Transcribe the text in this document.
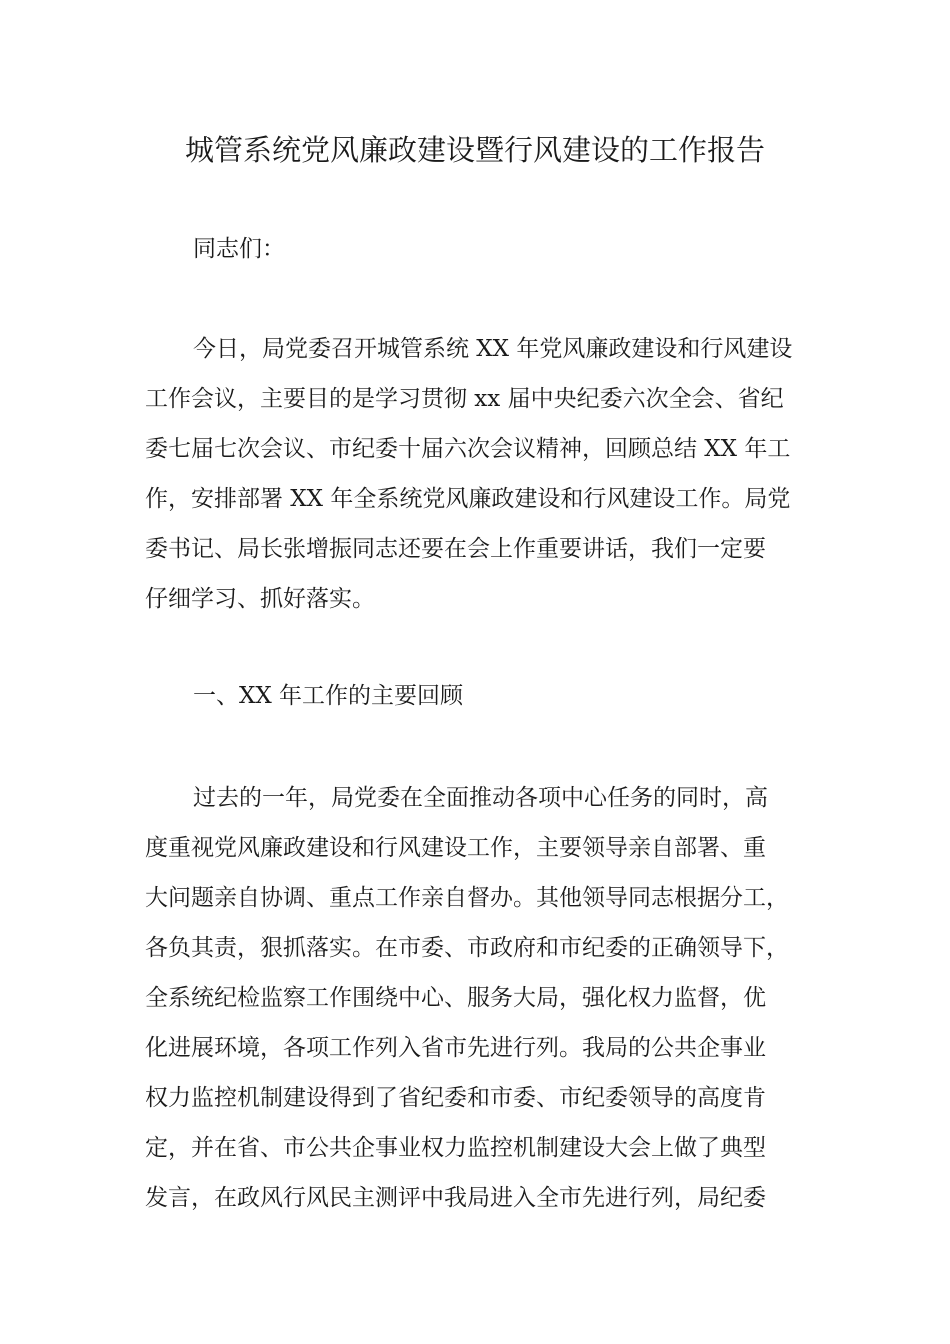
城管系统党风廉政建设暨行风建设的工作报告
同志们：
今日，局党委召开城管系统 XX 年党风廉政建设和行风建设
工作会议，主要目的是学习贯彻 xx 届中央纪委六次全会、省纪
委七届七次会议、市纪委十届六次会议精神，回顾总结 XX 年工
作，安排部署 XX 年全系统党风廉政建设和行风建设工作。局党
委书记、局长张增振同志还要在会上作重要讲话，我们一定要
仔细学习、抓好落实。
一、XX 年工作的主要回顾
过去的一年，局党委在全面推动各项中心任务的同时，高
度重视党风廉政建设和行风建设工作，主要领导亲自部署、重
大问题亲自协调、重点工作亲自督办。其他领导同志根据分工，
各负其责，狠抓落实。在市委、市政府和市纪委的正确领导下，
全系统纪检监察工作围绕中心、服务大局，强化权力监督，优
化进展环境，各项工作列入省市先进行列。我局的公共企事业
权力监控机制建设得到了省纪委和市委、市纪委领导的高度肯
定，并在省、市公共企事业权力监控机制建设大会上做了典型
发言，在政风行风民主测评中我局进入全市先进行列，局纪委
